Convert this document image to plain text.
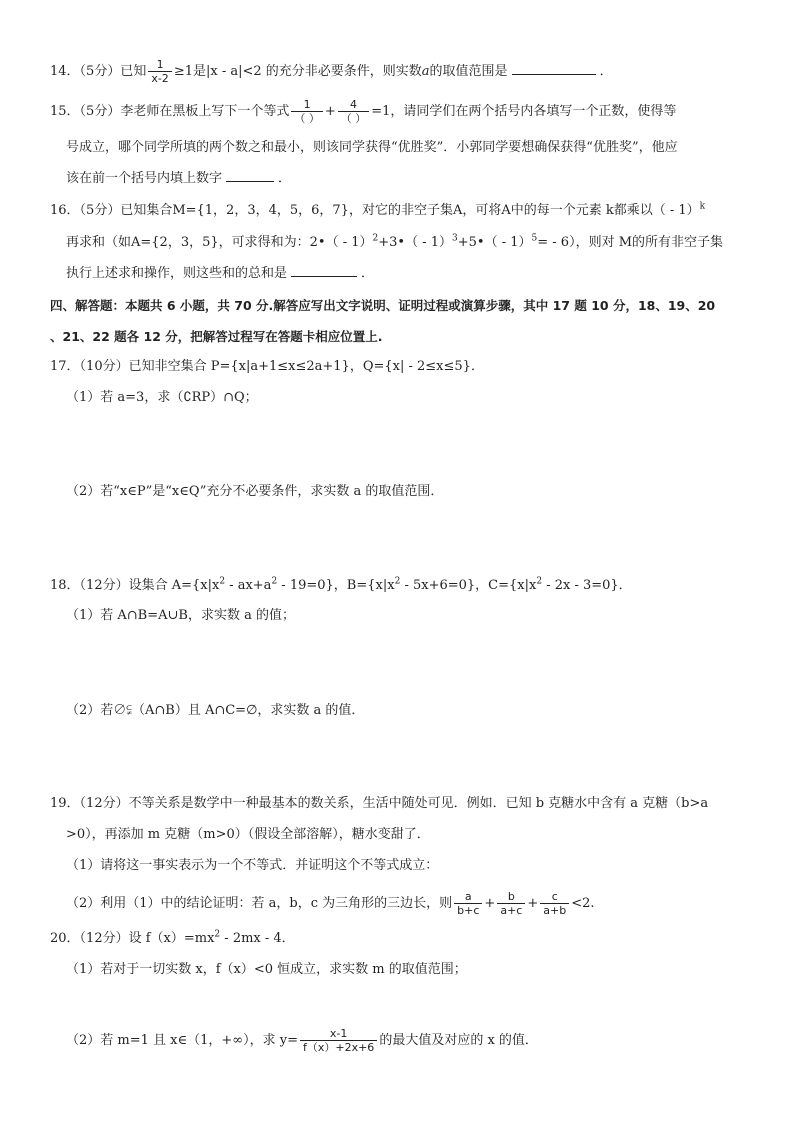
14．（5分）已知 $\frac{1}{x-2} \ge 1$是|x - a|<2 的充分非必要条件，则实数a的取值范围是	．
15．（5分）李老师在黑板上写下一个等式 $\frac{1}{( )} + \frac{4}{( )} =1$，请同学们在两个括号内各填写一个正数，使得等
号成立，哪个同学所填的两个数之和最小，则该同学获得“优胜奖”．小郭同学要想确保获得“优胜奖”，他应
该在前一个括号内填上数字	．
16．（5分）已知集合M={1，2，3，4，5，6，7}，对它的非空子集A，可将A中的每一个元素 k都乘以（ - 1）$^k$
再求和（如A={2，3，5}，可求得和为：2•（ - 1）$^2$+3•（ - 1）$^3$+5•（ - 1）$^5$= - 6），则对 M的所有非空子集
执行上述求和操作，则这些和的总和是	．
四、解答题：本题共 6 小题，共 70 分.解答应写出文字说明、证明过程或演算步骤，其中 17 题 10 分，18、19、20
、21、22 题各 12 分，把解答过程写在答题卡相应位置上.
17．（10分）已知非空集合 P={x|a+1≤x≤2a+1}，Q={x| - 2≤x≤5}．
（1）若 a=3，求（∁RP）∩Q；
（2）若“x∈P”是“x∈Q”充分不必要条件，求实数 a 的取值范围．
18．（12分）设集合 $A=\{x|x^2 - ax+a^2 - 19=0\}$，$B=\{x|x^2 - 5x+6=0\}$，$C=\{x|x^2 - 2x - 3=0\}$．
（1）若 A∩B=A∪B，求实数 a 的值；
（2）若∅⫋（A∩B）且 A∩C=∅，求实数 a 的值．
19．（12分）不等关系是数学中一种最基本的数关系，生活中随处可见．例如．已知 b 克糖水中含有 a 克糖（b>a
>0），再添加 m 克糖（m>0）（假设全部溶解），糖水变甜了．
（1）请将这一事实表示为一个不等式．并证明这个不等式成立：
（2）利用（1）中的结论证明：若 a，b，c 为三角形的三边长，则 $\frac{a}{b+c} + \frac{b}{a+c} + \frac{c}{a+b} <2$.
20．（12分）设 $f(x)=mx^2 - 2mx - 4$．
（1）若对于一切实数 x，f（x）<0 恒成立，求实数 m 的取值范围；
（2）若 m=1 且 x∈（1，+∞），求 $y= \frac{x-1}{f(x)+2x+6}$ 的最大值及对应的 x 的值．
